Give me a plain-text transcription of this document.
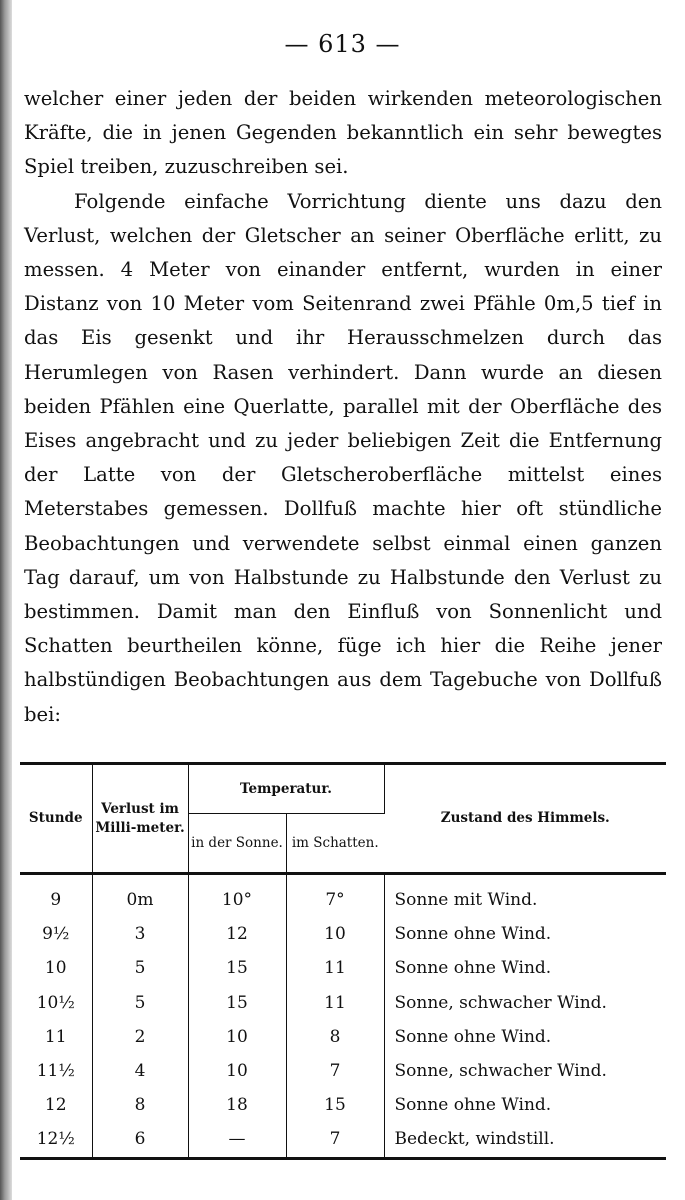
— 613 —

welcher einer jeden der beiden wirkenden meteorologischen Kräfte, die in jenen Gegenden bekanntlich ein sehr bewegtes Spiel treiben, zuzuschreiben sei.

Folgende einfache Vorrichtung diente uns dazu den Verlust, welchen der Gletscher an seiner Oberfläche erlitt, zu messen. 4 Meter von einander entfernt, wurden in einer Distanz von 10 Meter vom Seitenrand zwei Pfähle 0m,5 tief in das Eis gesenkt und ihr Herausschmelzen durch das Herumlegen von Rasen verhindert. Dann wurde an diesen beiden Pfählen eine Querlatte, parallel mit der Oberfläche des Eises angebracht und zu jeder beliebigen Zeit die Entfernung der Latte von der Gletscheroberfläche mittelst eines Meterstabes gemessen. Dollfuß machte hier oft stündliche Beobachtungen und verwendete selbst einmal einen ganzen Tag darauf, um von Halbstunde zu Halbstunde den Verlust zu bestimmen. Damit man den Einfluß von Sonnenlicht und Schatten beurtheilen könne, füge ich hier die Reihe jener halbstündigen Beobachtungen aus dem Tagebuche von Dollfuß bei:

Stunde	Verlust im Milli-meter.	Temperatur.		Zustand des Himmels.
		in der Sonne.	im Schatten.	
9	0m	10°	7°	Sonne mit Wind.
9½	3	12	10	Sonne ohne Wind.
10	5	15	11	Sonne ohne Wind.
10½	5	15	11	Sonne, schwacher Wind.
11	2	10	8	Sonne ohne Wind.
11½	4	10	7	Sonne, schwacher Wind.
12	8	18	15	Sonne ohne Wind.
12½	6	—	7	Bedeckt, windstill.
